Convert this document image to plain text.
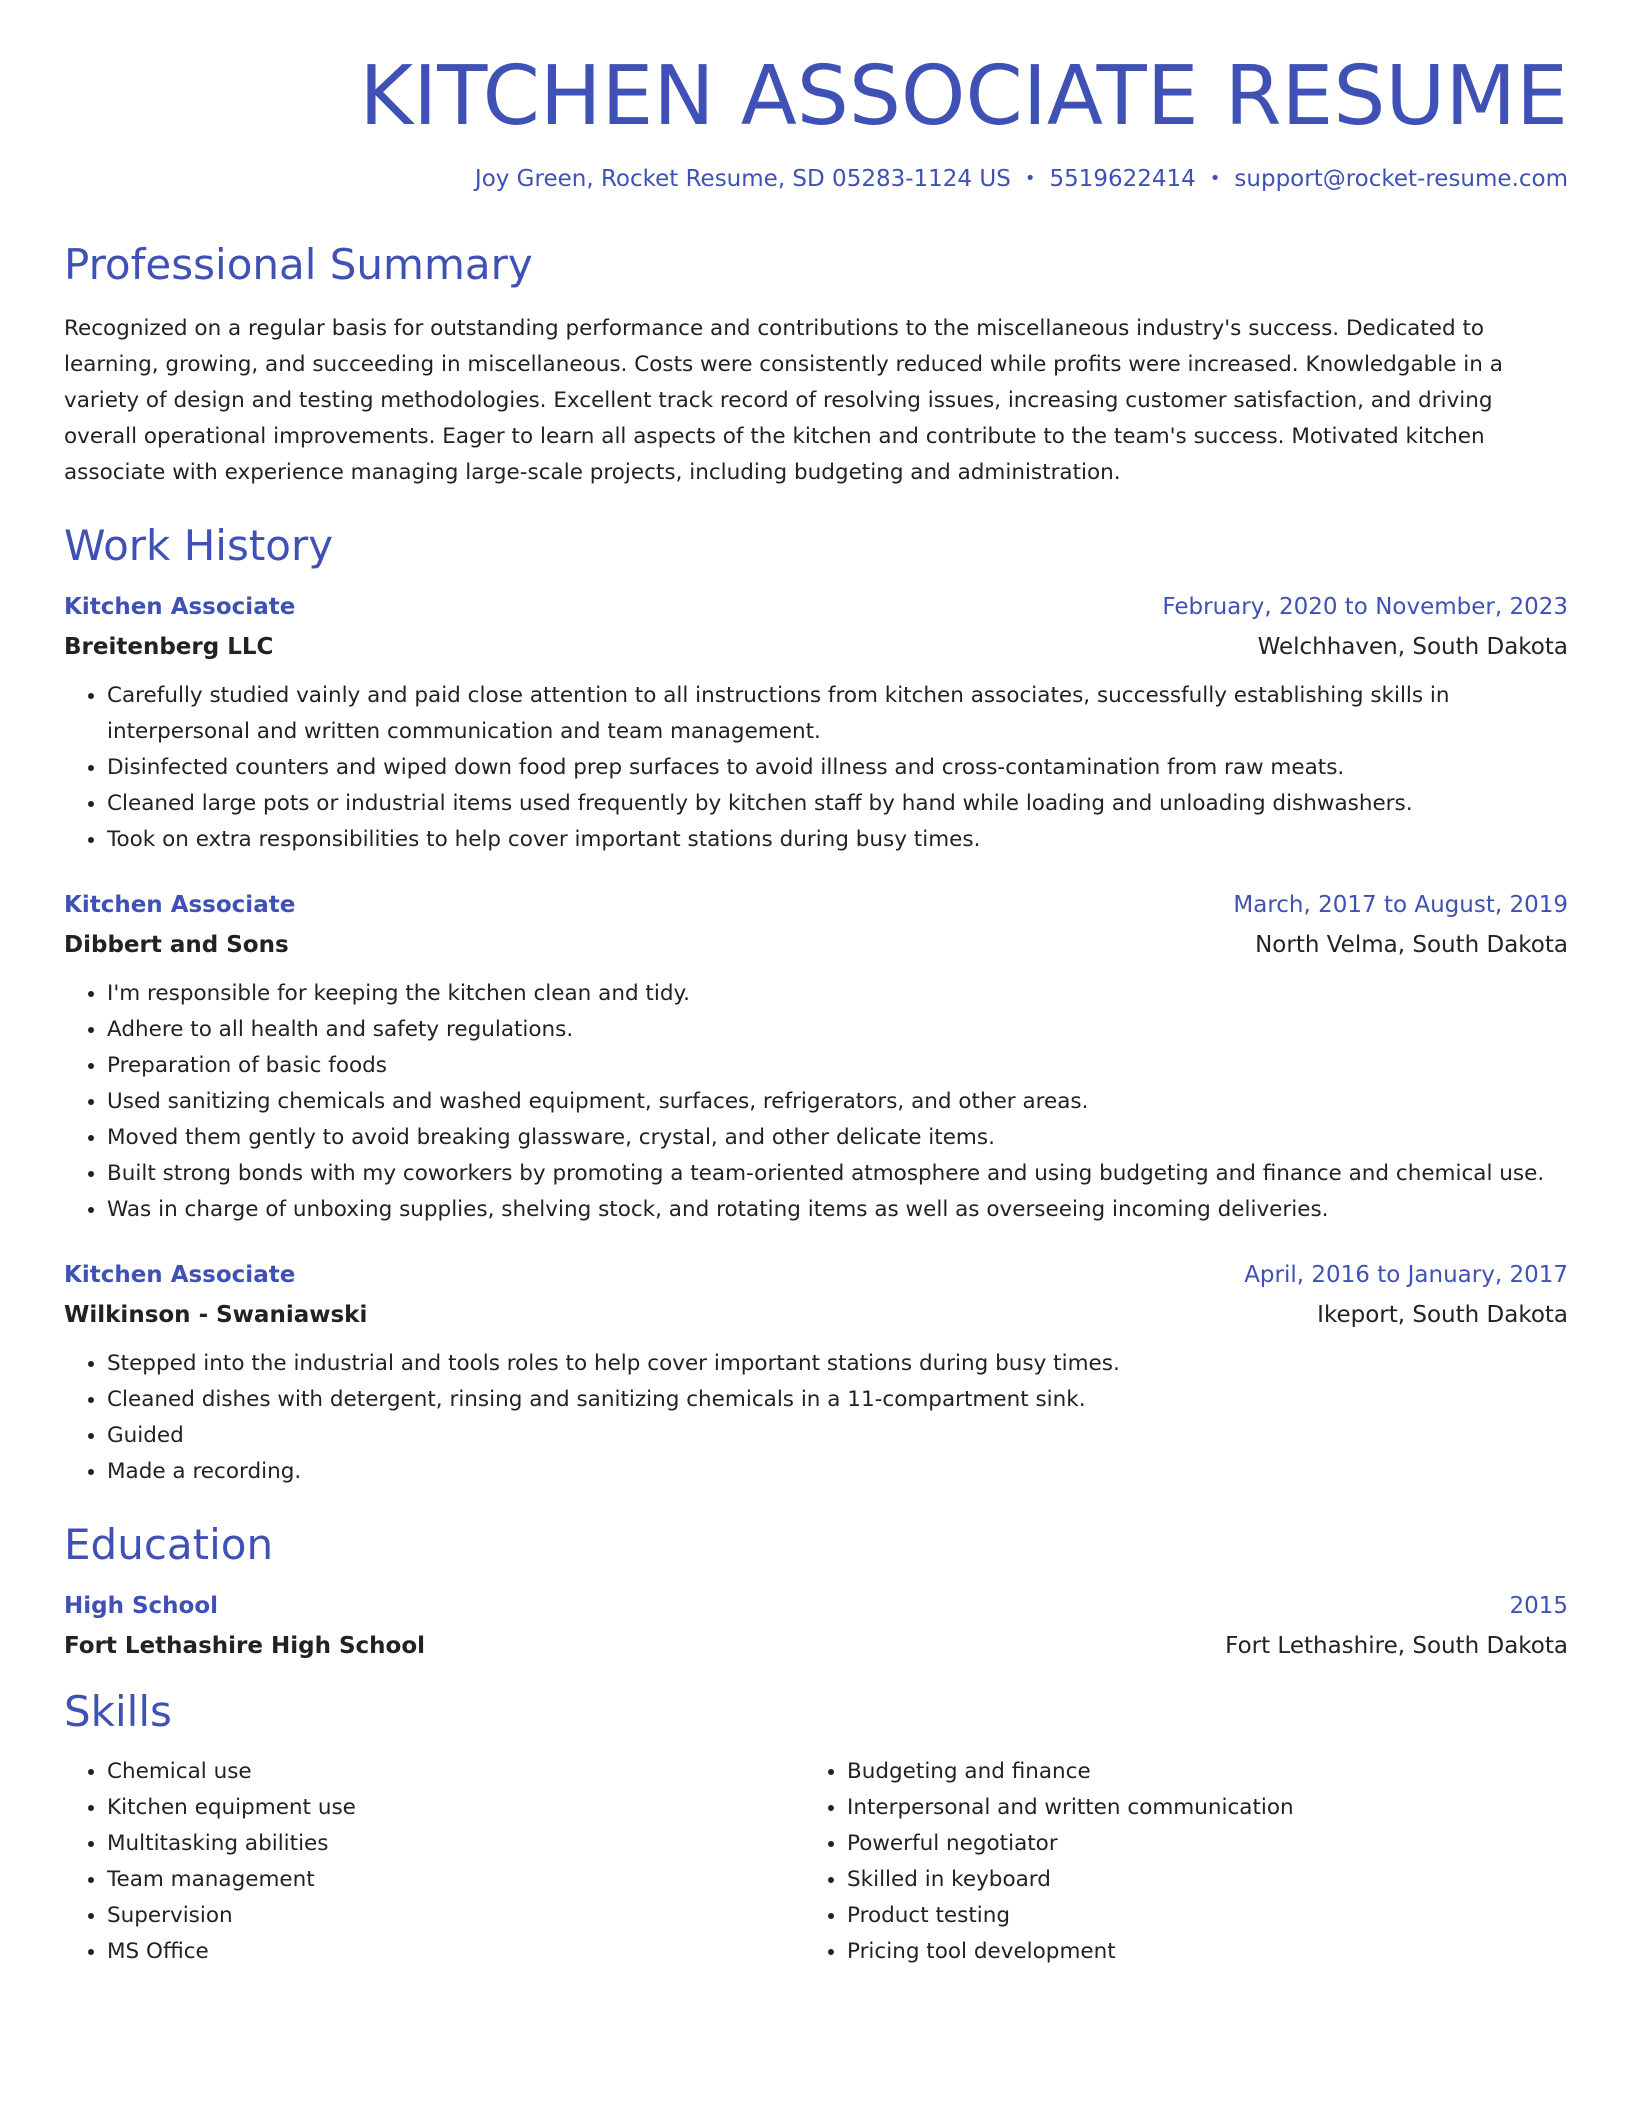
KITCHEN ASSOCIATE RESUME
Joy Green, Rocket Resume, SD 05283-1124 US • 5519622414 • support@rocket-resume.com
Professional Summary
Recognized on a regular basis for outstanding performance and contributions to the miscellaneous industry's success. Dedicated to learning, growing, and succeeding in miscellaneous. Costs were consistently reduced while profits were increased. Knowledgable in a variety of design and testing methodologies. Excellent track record of resolving issues, increasing customer satisfaction, and driving overall operational improvements. Eager to learn all aspects of the kitchen and contribute to the team's success. Motivated kitchen associate with experience managing large-scale projects, including budgeting and administration.
Work History
Kitchen Associate	February, 2020 to November, 2023
Breitenberg LLC	Welchhaven, South Dakota
• Carefully studied vainly and paid close attention to all instructions from kitchen associates, successfully establishing skills in interpersonal and written communication and team management.
• Disinfected counters and wiped down food prep surfaces to avoid illness and cross-contamination from raw meats.
• Cleaned large pots or industrial items used frequently by kitchen staff by hand while loading and unloading dishwashers.
• Took on extra responsibilities to help cover important stations during busy times.
Kitchen Associate	March, 2017 to August, 2019
Dibbert and Sons	North Velma, South Dakota
• I'm responsible for keeping the kitchen clean and tidy.
• Adhere to all health and safety regulations.
• Preparation of basic foods
• Used sanitizing chemicals and washed equipment, surfaces, refrigerators, and other areas.
• Moved them gently to avoid breaking glassware, crystal, and other delicate items.
• Built strong bonds with my coworkers by promoting a team-oriented atmosphere and using budgeting and finance and chemical use.
• Was in charge of unboxing supplies, shelving stock, and rotating items as well as overseeing incoming deliveries.
Kitchen Associate	April, 2016 to January, 2017
Wilkinson - Swaniawski	Ikeport, South Dakota
• Stepped into the industrial and tools roles to help cover important stations during busy times.
• Cleaned dishes with detergent, rinsing and sanitizing chemicals in a 11-compartment sink.
• Guided
• Made a recording.
Education
High School	2015
Fort Lethashire High School	Fort Lethashire, South Dakota
Skills
• Chemical use
• Kitchen equipment use
• Multitasking abilities
• Team management
• Supervision
• MS Office
• Budgeting and finance
• Interpersonal and written communication
• Powerful negotiator
• Skilled in keyboard
• Product testing
• Pricing tool development
